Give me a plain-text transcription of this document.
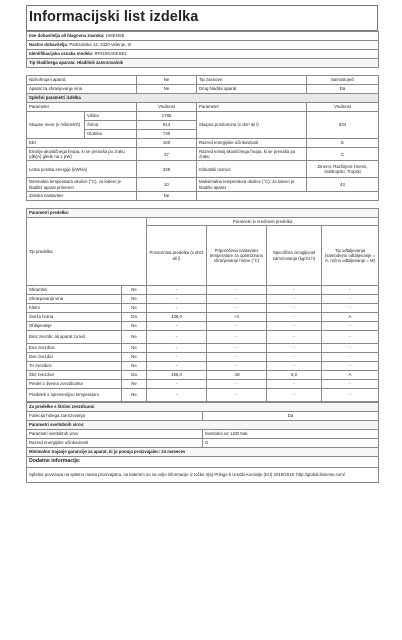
Informacijski list izdelka
Ime dobavitelja ali blagovna znamka: HISENSE
Naslov dobavitelja: Partizanska 12, 3320 Velenje, SI
Identifikacijska oznaka modela: RF815N4SESE1
Tip hladilnega aparata: Hladilnik zamrzovalnik
Nizkohrupni aparat:		Ne	Tip zasnove:	Samostoječi
Aparat za shranjevanje vina		Ne	Drug hladilni aparat	Da
Splošni parametri izdelka				
Parameter		Vrednost	Parameter	Vrednost
Skupne mere (v milimetrih)	Višina	1785	Skupna prostornina (v dm³ ali l)	634
	Širina	914		
	Globina	730		
EEI		100	Razred energijske učinkovitosti	E
Emisije akustičnega hrupa, ki se prenaša po zraku (dB(A) glede na 1 pW)		37	Razred emisij akustičnega hrupa, ki se prenaša po zraku	C
Letna poraba energije (kWh/a)		339	Klimatski razred:	Zmerni, Razširjeni-zmerni, Subtropski, Tropski
Minimalna temperatura okolice (°C), za katero je hladilni aparat primeren		10	Maksimalna temperatura okolice (°C), za katero je hladilni aparat	43
Zimska nastavitev		Ne		
Parametri predelka:					
Tip predelka		Parametri in vrednosti predelka			
		Prostornina predelka (v dm3 ali l)	Priporočena nastavitev temperature za optimizirano shranjevanje hrane (°C)	Specifična zmogljivost zamrzovanja (kg/24 h)	Tip odtaljevanja (samodejno odtaljevanje = A, ročno odtaljevanje = M)
Shrambni	Ne	-	-	-	-
Shranjevanje vina	Ne	-	-	-	-
Kletni	Ne	-	-	-	-
Sveža hrana	Da	438,0	+4	-	A
Ohlajevanje	Ne	-	-	-	-
Brez zvezdic ali aparat za led	Ne	-	-	-	-
Ena zvezdica	Ne	-	-	-	-
Dve zvezdici	Ne	-	-	-	-
Tri zvezdice	Ne	-	-	-	-
Štiri zvezdice	Da	196,0	-18	9,0	A
Predel z dvema zvezdicama	Ne	-	-	-	-
Predelek s spremenljivo temperaturo	Ne	-	-	-	-
Za predelke s štirimi zvezdicami	
Funkcija hitrega zamrzovanja	Da
Parametri svetlobnih virov:	
Parametri svetlobnih virov	Svetlobni vir: LED trak
Razred energijske učinkovitosti	G
Minimalno trajanje garancije za aparat, ki jo ponuja proizvajalec: 24 mesecev	
Dodatne informacije:	
Spletna povezava na spletno mesto proizvajalca, na katerem so na voljo informacije iz točke 4(a) Priloge k Uredbi Komisije (EU) 2019/2019: http://global.hisense.com/	
